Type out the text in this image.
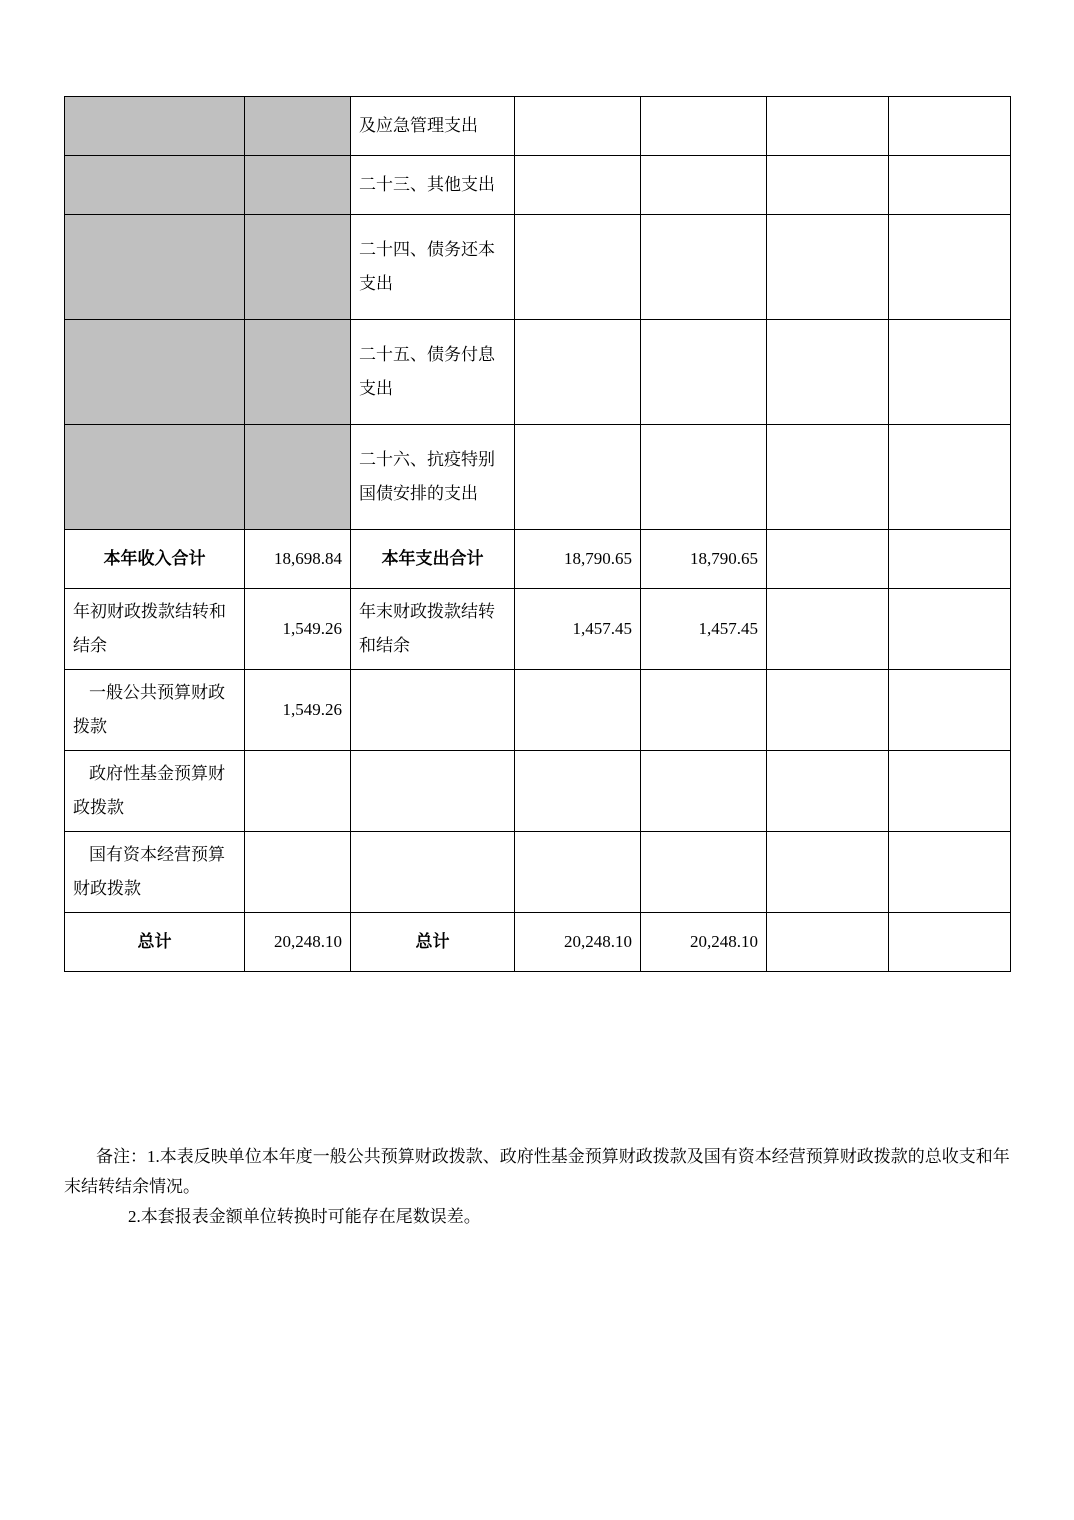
		及应急管理支出				
		二十三、其他支出				
		二十四、债务还本支出				
		二十五、债务付息支出				
		二十六、抗疫特别国债安排的支出				
本年收入合计	18,698.84	本年支出合计	18,790.65	18,790.65		
年初财政拨款结转和结余	1,549.26	年末财政拨款结转和结余	1,457.45	1,457.45		
一般公共预算财政拨款	1,549.26					
政府性基金预算财政拨款						
国有资本经营预算财政拨款						
总计	20,248.10	总计	20,248.10	20,248.10		

备注：1.本表反映单位本年度一般公共预算财政拨款、政府性基金预算财政拨款及国有资本经营预算财政拨款的总收支和年末结转结余情况。

2.本套报表金额单位转换时可能存在尾数误差。
